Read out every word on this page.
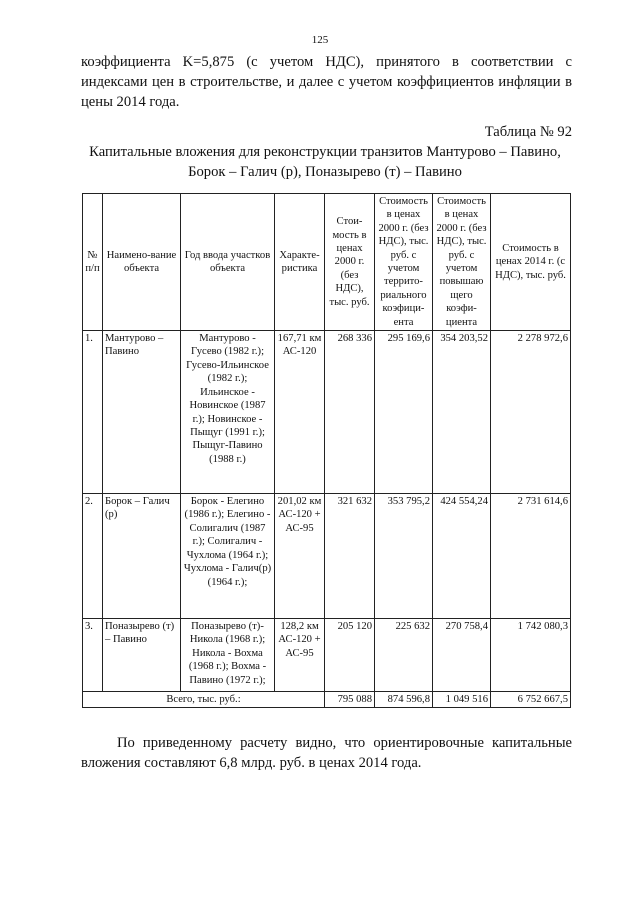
125

коэффициента K=5,875 (с учетом НДС), принятого в соответствии с индексами цен в строительстве, и далее с учетом коэффициентов инфляции в цены 2014 года.

Таблица № 92

Капитальные вложения для реконструкции транзитов Мантурово – Павино,
Борок – Галич (р), Поназырево (т) – Павино

№ п/п	Наимено-вание объекта	Год ввода участков объекта	Характе-ристика	Стои-мость в ценах 2000 г. (без НДС), тыс. руб.	Стоимость в ценах 2000 г. (без НДС), тыс. руб. с учетом террито-риального коэфици-ента	Стоимость в ценах 2000 г. (без НДС), тыс. руб. с учетом повышаю щего коэфи-циента	Стоимость в ценах 2014 г. (с НДС), тыс. руб.
1.	Мантурово – Павино	Мантурово - Гусево (1982 г.); Гусево-Ильинское (1982 г.); Ильинское - Новинское (1987 г.); Новинское - Пыщуг (1991 г.); Пыщуг-Павино (1988 г.)	167,71 км АС-120	268 336	295 169,6	354 203,52	2 278 972,6
2.	Борок – Галич (р)	Борок - Елегино (1986 г.); Елегино - Солигалич (1987 г.); Солигалич - Чухлома (1964 г.); Чухлома - Галич(р) (1964 г.);	201,02 км АС-120 + АС-95	321 632	353 795,2	424 554,24	2 731 614,6
3.	Поназырево (т) – Павино	Поназырево (т)-Никола (1968 г.); Никола - Вохма (1968 г.); Вохма - Павино (1972 г.);	128,2 км АС-120 + АС-95	205 120	225 632	270 758,4	1 742 080,3
Всего, тыс. руб.:				795 088	874 596,8	1 049 516	6 752 667,5

По приведенному расчету видно, что ориентировочные капитальные вложения составляют 6,8 млрд. руб. в ценах 2014 года.
